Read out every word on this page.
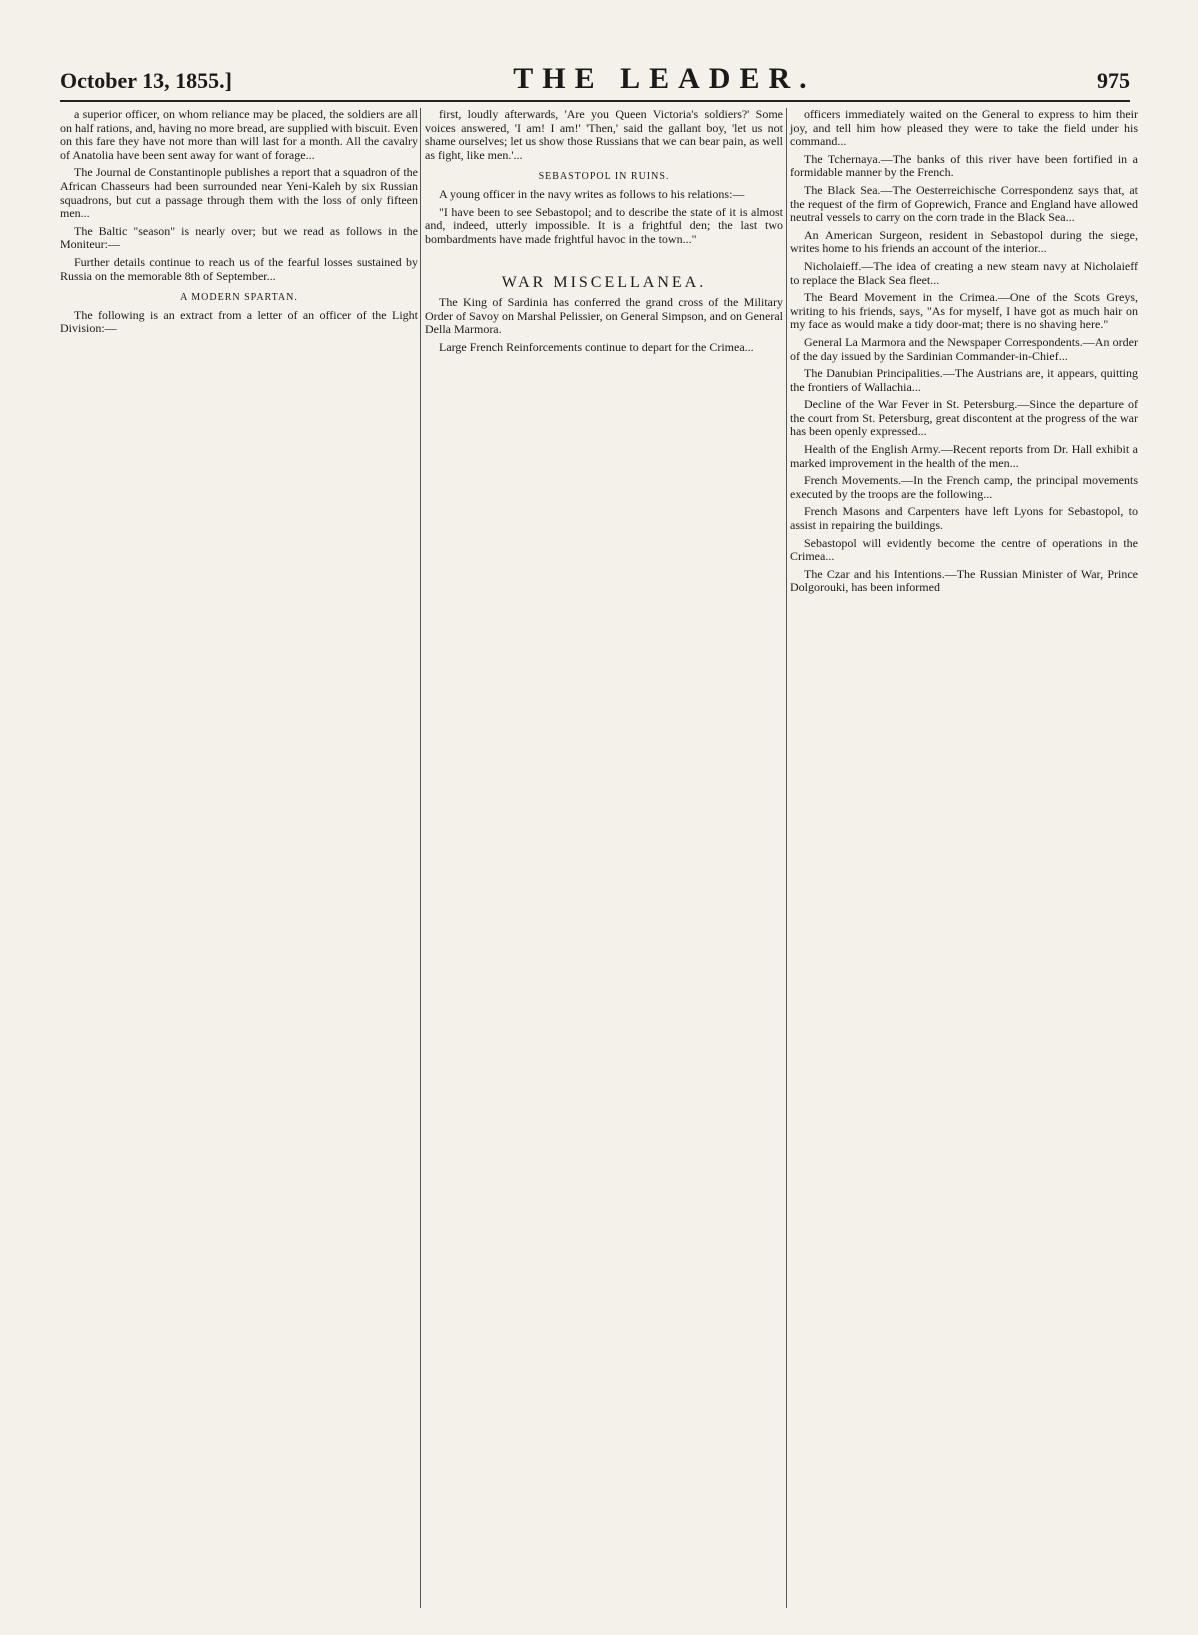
October 13, 1855.]	THE LEADER.	975

a superior officer, on whom reliance may be placed, the soldiers are all on half rations, and, having no more bread, are supplied with biscuit. Even on this fare they have not more than will last for a month. All the cavalry of Anatolia have been sent away for want of forage...

The Journal de Constantinople publishes a report that a squadron of the African Chasseurs had been surrounded near Yeni-Kaleh by six Russian squadrons, but cut a passage through them with the loss of only fifteen men...

The Baltic "season" is nearly over; but we read as follows in the Moniteur:—

Further details continue to reach us of the fearful losses sustained by Russia on the memorable 8th of September...

A MODERN SPARTAN.

The following is an extract from a letter of an officer of the Light Division:—

first, loudly afterwards, 'Are you Queen Victoria's soldiers?' Some voices answered, 'I am! I am!' 'Then,' said the gallant boy, 'let us not shame ourselves; let us show those Russians that we can bear pain, as well as fight, like men.'...

SEBASTOPOL IN RUINS.

A young officer in the navy writes as follows to his relations:—

"I have been to see Sebastopol; and to describe the state of it is almost and, indeed, utterly impossible. It is a frightful den; the last two bombardments have made frightful havoc in the town..."

WAR MISCELLANEA.

The King of Sardinia has conferred the grand cross of the Military Order of Savoy on Marshal Pelissier, on General Simpson, and on General Della Marmora.

Large French Reinforcements continue to depart for the Crimea...

officers immediately waited on the General to express to him their joy, and tell him how pleased they were to take the field under his command...

The Tchernaya.—The banks of this river have been fortified in a formidable manner by the French.

The Black Sea.—The Oesterreichische Correspondenz says that, at the request of the firm of Goprewich, France and England have allowed neutral vessels to carry on the corn trade in the Black Sea...

An American Surgeon, resident in Sebastopol during the siege, writes home to his friends an account of the interior...

Nicholaieff.—The idea of creating a new steam navy at Nicholaieff to replace the Black Sea fleet...

The Beard Movement in the Crimea.—One of the Scots Greys, writing to his friends, says, "As for myself, I have got as much hair on my face as would make a tidy door-mat; there is no shaving here."

General La Marmora and the Newspaper Correspondents.—An order of the day issued by the Sardinian Commander-in-Chief...

The Danubian Principalities.—The Austrians are, it appears, quitting the frontiers of Wallachia...

Decline of the War Fever in St. Petersburg.—Since the departure of the court from St. Petersburg, great discontent at the progress of the war has been openly expressed...

Health of the English Army.—Recent reports from Dr. Hall exhibit a marked improvement in the health of the men...

French Movements.—In the French camp, the principal movements executed by the troops are the following...

French Masons and Carpenters have left Lyons for Sebastopol, to assist in repairing the buildings.

Sebastopol will evidently become the centre of operations in the Crimea...

The Czar and his Intentions.—The Russian Minister of War, Prince Dolgorouki, has been informed
